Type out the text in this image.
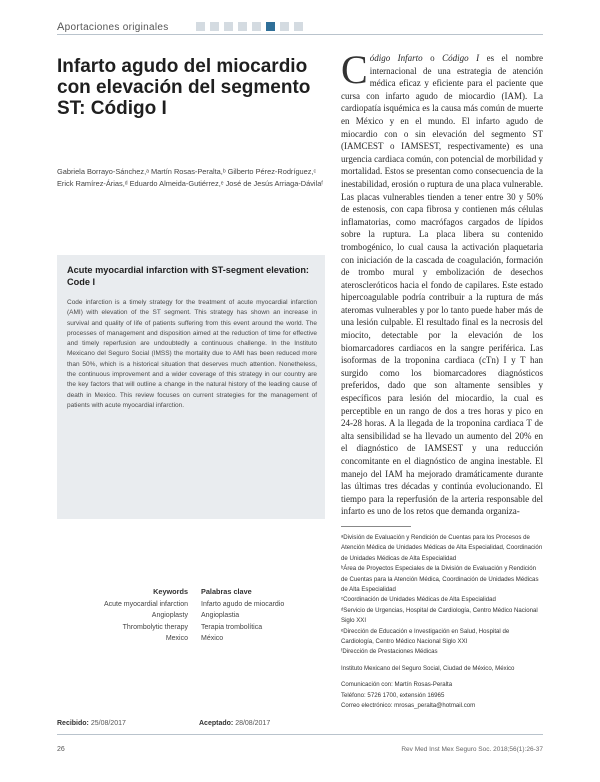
Aportaciones originales
Infarto agudo del miocardio con elevación del segmento ST: Código I
Gabriela Borrayo-Sánchez,ᵃ Martín Rosas-Peralta,ᵇ Gilberto Pérez-Rodríguez,ᶜ Erick Ramírez-Árias,ᵈ Eduardo Almeida-Gutiérrez,ᵉ José de Jesús Arriaga-Dávilaᶠ
Acute myocardial infarction with ST-segment elevation: Code I
Code infarction is a timely strategy for the treatment of acute myocardial infarction (AMI) with elevation of the ST segment. This strategy has shown an increase in survival and quality of life of patients suffering from this event around the world. The processes of management and disposition aimed at the reduction of time for effective and timely reperfusion are undoubtedly a continuous challenge. In the Instituto Mexicano del Seguro Social (IMSS) the mortality due to AMI has been reduced more than 50%, which is a historical situation that deserves much attention. Nonetheless, the continuous improvement and a wider coverage of this strategy in our country are the key factors that will outline a change in the natural history of the leading cause of death in Mexico. This review focuses on current strategies for the management of patients with acute myocardial infarction.
Keywords Palabras clave
Acute myocardial infarction
Angioplasty
Thrombolytic therapy
Mexico
Infarto agudo de miocardio
Angioplastia
Terapia trombolítica
México
Recibido: 25/08/2017	Aceptado: 28/08/2017
26	Rev Med Inst Mex Seguro Soc. 2018;56(1):26-37

Código Infarto o Código I es el nombre internacional de una estrategia de atención médica eficaz y eficiente para el paciente que cursa con infarto agudo de miocardio (IAM). La cardiopatía isquémica es la causa más común de muerte en México y en el mundo. El infarto agudo de miocardio con o sin elevación del segmento ST (IAMCEST o IAMSEST, respectivamente) es una urgencia cardiaca común, con potencial de morbilidad y mortalidad. Estos se presentan como consecuencia de la inestabilidad, erosión o ruptura de una placa vulnerable. Las placas vulnerables tienden a tener entre 30 y 50% de estenosis, con capa fibrosa y contienen más células inflamatorias, como macrófagos cargados de lípidos sobre la ruptura. La placa libera su contenido trombogénico, lo cual causa la activación plaquetaria con iniciación de la cascada de coagulación, formación de trombo mural y embolización de desechos ateroscleróticos hacia el fondo de capilares. Este estado hipercoagulable podría contribuir a la ruptura de más ateromas vulnerables y por lo tanto puede haber más de una lesión culpable. El resultado final es la necrosis del miocito, detectable por la elevación de los biomarcadores cardiacos en la sangre periférica. Las isoformas de la troponina cardiaca (cTn) I y T han surgido como los biomarcadores diagnósticos preferidos, dado que son altamente sensibles y específicos para lesión del miocardio, la cual es perceptible en un rango de dos a tres horas y pico en 24-28 horas. A la llegada de la troponina cardiaca T de alta sensibilidad se ha llevado un aumento del 20% en el diagnóstico de IAMSEST y una reducción concomitante en el diagnóstico de angina inestable. El manejo del IAM ha mejorado dramáticamente durante las últimas tres décadas y continúa evolucionando. El tiempo para la reperfusión de la arteria responsable del infarto es uno de los retos que demanda organiza-

ᵃDivisión de Evaluación y Rendición de Cuentas para los Procesos de Atención Médica de Unidades Médicas de Alta Especialidad, Coordinación de Unidades Médicas de Alta Especialidad

ᵇÁrea de Proyectos Especiales de la División de Evaluación y Rendición de Cuentas para la Atención Médica, Coordinación de Unidades Médicas de Alta Especialidad

ᶜCoordinación de Unidades Médicas de Alta Especialidad

ᵈServicio de Urgencias, Hospital de Cardiología, Centro Médico Nacional Siglo XXI

ᵉDirección de Educación e Investigación en Salud, Hospital de Cardiología, Centro Médico Nacional Siglo XXI

ᶠDirección de Prestaciones Médicas

Instituto Mexicano del Seguro Social, Ciudad de México, México

Comunicación con: Martín Rosas-Peralta

Teléfono: 5726 1700, extensión 16965

Correo electrónico: mrosas_peralta@hotmail.com
